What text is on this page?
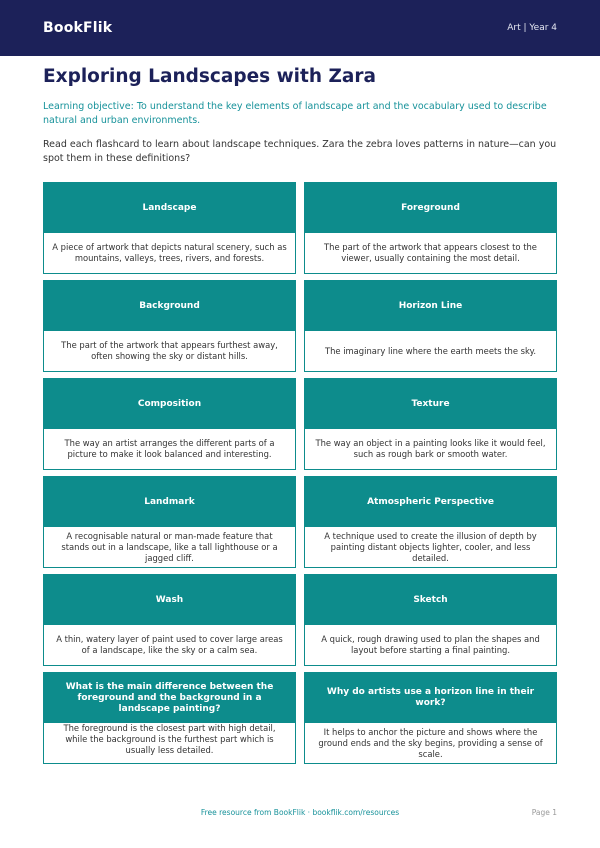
BookFlik	Art | Year 4
Exploring Landscapes with Zara

Learning objective: To understand the key elements of landscape art and the vocabulary used to describe natural and urban environments.

Read each flashcard to learn about landscape techniques. Zara the zebra loves patterns in nature—can you spot them in these definitions?

Landscape
A piece of artwork that depicts natural scenery, such as mountains, valleys, trees, rivers, and forests.
Foreground
The part of the artwork that appears closest to the viewer, usually containing the most detail.
Background
The part of the artwork that appears furthest away, often showing the sky or distant hills.
Horizon Line
The imaginary line where the earth meets the sky.
Composition
The way an artist arranges the different parts of a picture to make it look balanced and interesting.
Texture
The way an object in a painting looks like it would feel, such as rough bark or smooth water.
Landmark
A recognisable natural or man-made feature that stands out in a landscape, like a tall lighthouse or a jagged cliff.
Atmospheric Perspective
A technique used to create the illusion of depth by painting distant objects lighter, cooler, and less detailed.
Wash
A thin, watery layer of paint used to cover large areas of a landscape, like the sky or a calm sea.
Sketch
A quick, rough drawing used to plan the shapes and layout before starting a final painting.
What is the main difference between the foreground and the background in a landscape painting?
The foreground is the closest part with high detail, while the background is the furthest part which is usually less detailed.
Why do artists use a horizon line in their work?
It helps to anchor the picture and shows where the ground ends and the sky begins, providing a sense of scale.
Free resource from BookFlik · bookflik.com/resources	Page 1
